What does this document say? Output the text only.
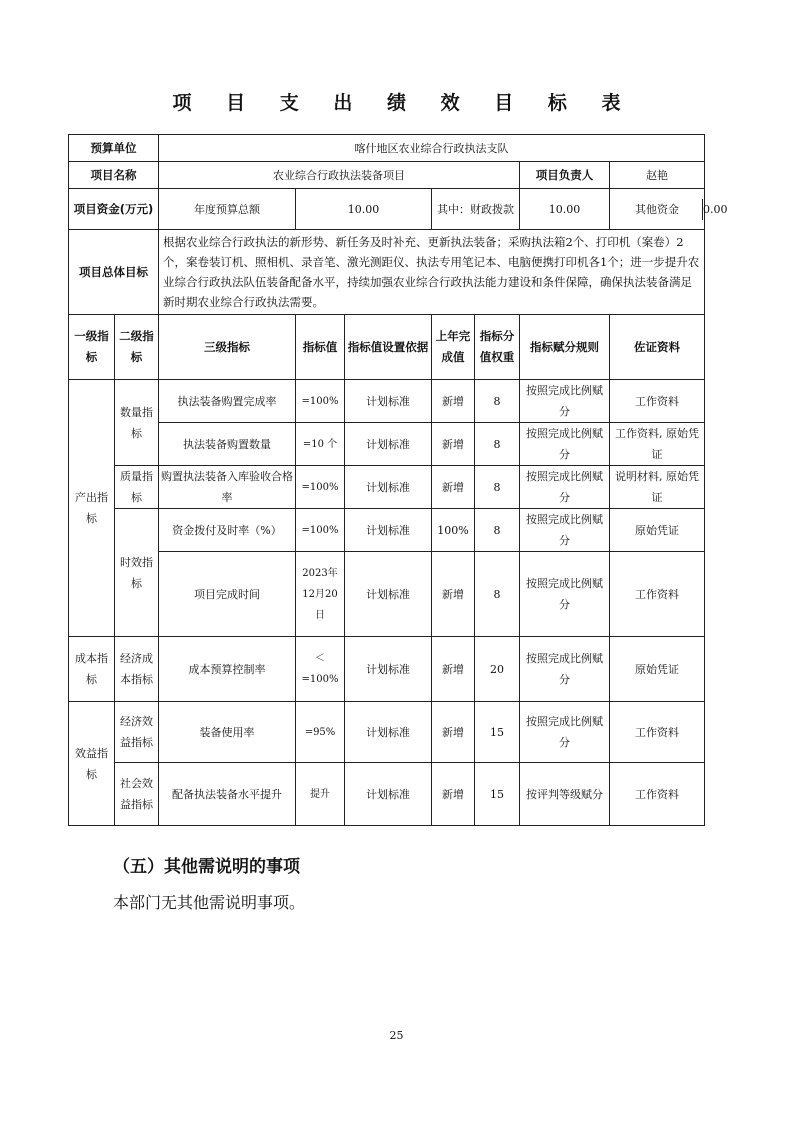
项 目 支 出 绩 效 目 标 表
预算单位		喀什地区农业综合行政执法支队						
项目名称		农业综合行政执法装备项目					项目负责人	赵艳
项目资金(万元)		年度预算总额	10.00		其中：财政拨款		10.00	其他资金 0.00

项目总体目标		根据农业综合行政执法的新形势、新任务及时补充、更新执法装备；采购执法箱2个、打印机（案卷）2个，案卷装订机、照相机、录音笔、激光测距仪、执法专用笔记本、电脑便携打印机各1个；进一步提升农业综合行政执法队伍装备配备水平，持续加强农业综合行政执法能力建设和条件保障，确保执法装备满足新时期农业综合行政执法需要。						
一级指标	二级指标	三级指标	指标值	指标值设置依据	上年完成值	指标分值权重	指标赋分规则	佐证资料
产出指标	数量指标	执法装备购置完成率	=100%	计划标准	新增	8	按照完成比例赋分	工作资料
		执法装备购置数量	=10 个	计划标准	新增	8	按照完成比例赋分	工作资料, 原始凭证
	质量指标	购置执法装备入库验收合格率	=100%	计划标准	新增	8	按照完成比例赋分	说明材料, 原始凭证
	时效指标	资金拨付及时率（%）	=100%	计划标准	100%	8	按照完成比例赋分	原始凭证
		项目完成时间	2023年12月20日	计划标准	新增	8	按照完成比例赋分	工作资料
成本指标	经济成本指标	成本预算控制率	＜=100%	计划标准	新增	20	按照完成比例赋分	原始凭证
效益指标	经济效益指标	装备使用率	=95%	计划标准	新增	15	按照完成比例赋分	工作资料
	社会效益指标	配备执法装备水平提升	提升	计划标准	新增	15	按评判等级赋分	工作资料
（五）其他需说明的事项
本部门无其他需说明事项。
25
